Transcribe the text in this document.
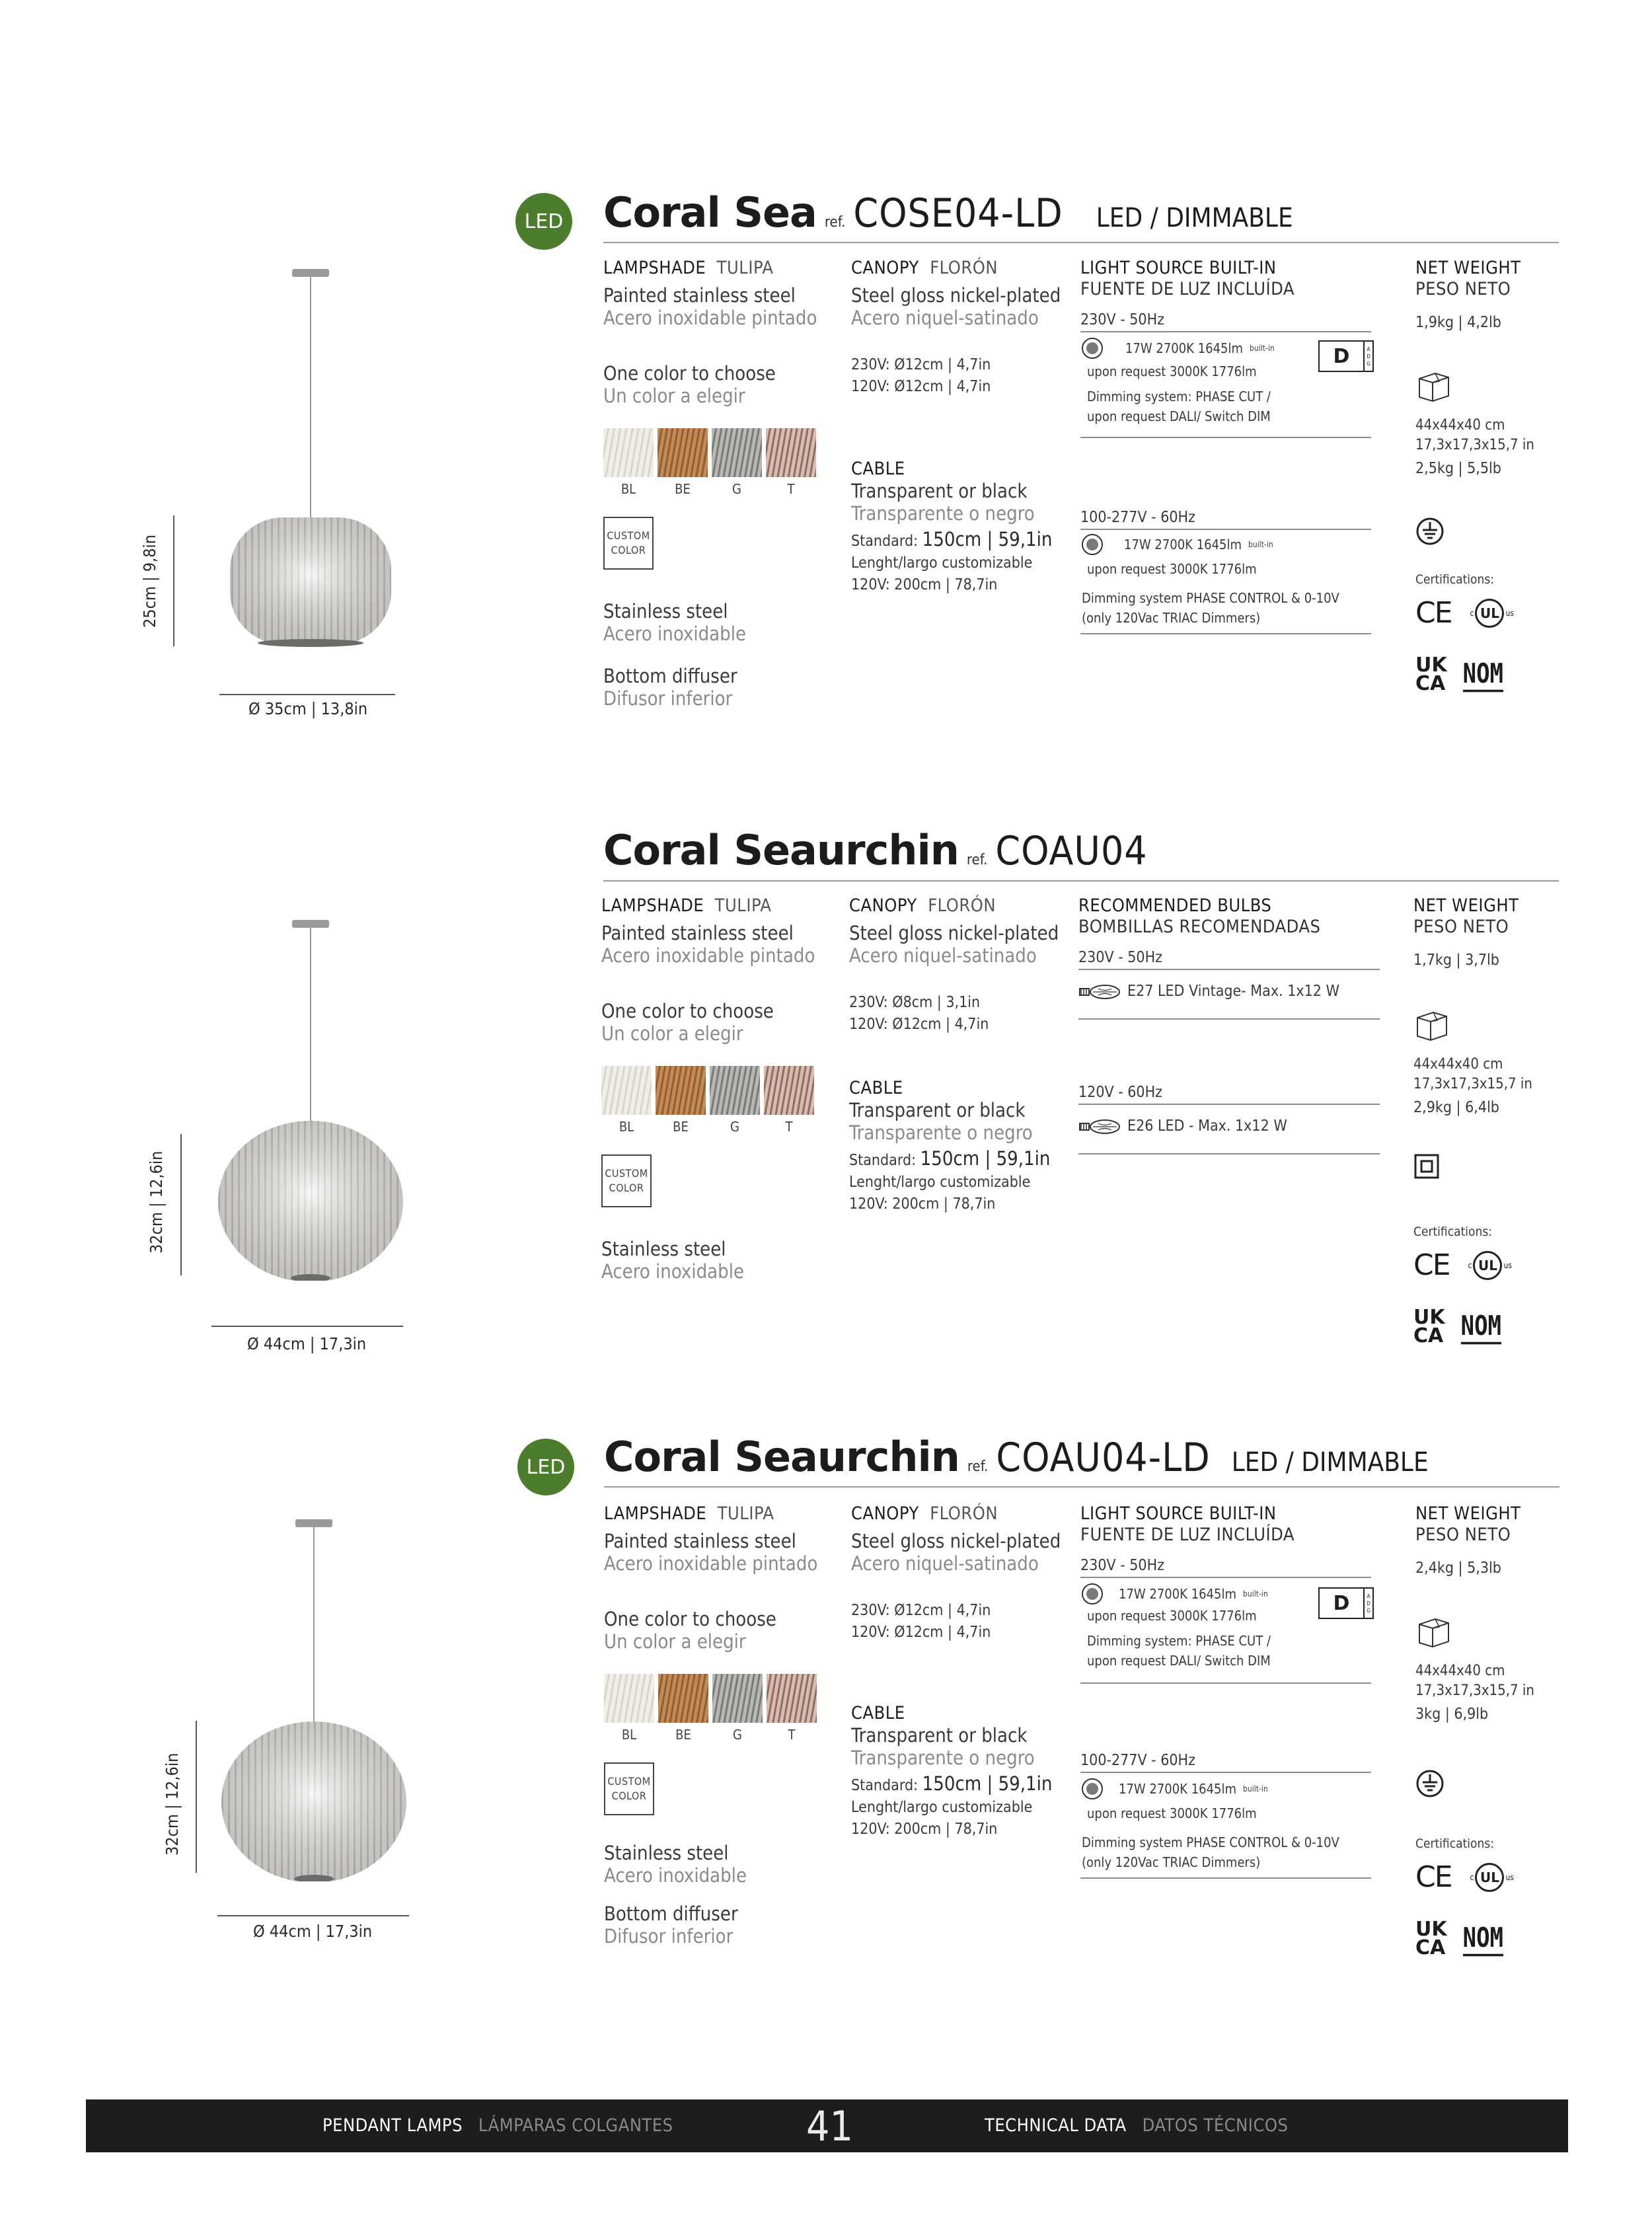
LED Coral Sea ref. COSE04-LD LED / DIMMABLE
25cm | 9,8in
Ø 35cm | 13,8in
LAMPSHADE TULIPA
Painted stainless steel
Acero inoxidable pintado
One color to choose
Un color a elegir
BL	BE	G	T
CUSTOM
COLOR
Stainless steel
Acero inoxidable
Bottom diffuser
Difusor inferior
CANOPY FLORÓN
Steel gloss nickel-plated
Acero niquel-satinado
230V: Ø12cm | 4,7in
120V: Ø12cm | 4,7in
CABLE
Transparent or black
Transparente o negro
Standard: 150cm | 59,1in
Lenght/largo customizable
120V: 200cm | 78,7in
LIGHT SOURCE BUILT-IN
FUENTE DE LUZ INCLUÍDA
230V - 50Hz
17W 2700K 1645lm built-in	D	A
D
G
upon request 3000K 1776lm
Dimming system: PHASE CUT /
upon request DALI/ Switch DIM
100-277V - 60Hz
17W 2700K 1645lm built-in
upon request 3000K 1776lm
Dimming system PHASE CONTROL & 0-10V
(only 120Vac TRIAC Dimmers)
NET WEIGHT
PESO NETO
1,9kg | 4,2lb
44x44x40 cm
17,3x17,3x15,7 in
2,5kg | 5,5lb
Certifications:
CE c UL us
UK
CA NOM
Coral Seaurchin ref. COAU04
32cm | 12,6in
Ø 44cm | 17,3in
LAMPSHADE TULIPA
Painted stainless steel
Acero inoxidable pintado
One color to choose
Un color a elegir
BL	BE	G	T
CUSTOM
COLOR
Stainless steel
Acero inoxidable
CANOPY FLORÓN
Steel gloss nickel-plated
Acero niquel-satinado
230V: Ø8cm | 3,1in
120V: Ø12cm | 4,7in
CABLE
Transparent or black
Transparente o negro
Standard: 150cm | 59,1in
Lenght/largo customizable
120V: 200cm | 78,7in
RECOMMENDED BULBS
BOMBILLAS RECOMENDADAS
230V - 50Hz
E27 LED Vintage- Max. 1x12 W
120V - 60Hz
E26 LED - Max. 1x12 W
NET WEIGHT
PESO NETO
1,7kg | 3,7lb
44x44x40 cm
17,3x17,3x15,7 in
2,9kg | 6,4lb
Certifications:
CE c UL us
UK
CA NOM
LED Coral Seaurchin ref. COAU04-LD LED / DIMMABLE
32cm | 12,6in
Ø 44cm | 17,3in
LAMPSHADE TULIPA
Painted stainless steel
Acero inoxidable pintado
One color to choose
Un color a elegir
BL	BE	G	T
CUSTOM
COLOR
Stainless steel
Acero inoxidable
Bottom diffuser
Difusor inferior
CANOPY FLORÓN
Steel gloss nickel-plated
Acero niquel-satinado
230V: Ø12cm | 4,7in
120V: Ø12cm | 4,7in
CABLE
Transparent or black
Transparente o negro
Standard: 150cm | 59,1in
Lenght/largo customizable
120V: 200cm | 78,7in
LIGHT SOURCE BUILT-IN
FUENTE DE LUZ INCLUÍDA
230V - 50Hz
17W 2700K 1645lm built-in	D	A
D
G
upon request 3000K 1776lm
Dimming system: PHASE CUT /
upon request DALI/ Switch DIM
100-277V - 60Hz
17W 2700K 1645lm built-in
upon request 3000K 1776lm
Dimming system PHASE CONTROL & 0-10V
(only 120Vac TRIAC Dimmers)
NET WEIGHT
PESO NETO
2,4kg | 5,3lb
44x44x40 cm
17,3x17,3x15,7 in
3kg | 6,9lb
Certifications:
CE c UL us
UK
CA NOM
PENDANT LAMPS LÁMPARAS COLGANTES	41	TECHNICAL DATA DATOS TÉCNICOS
